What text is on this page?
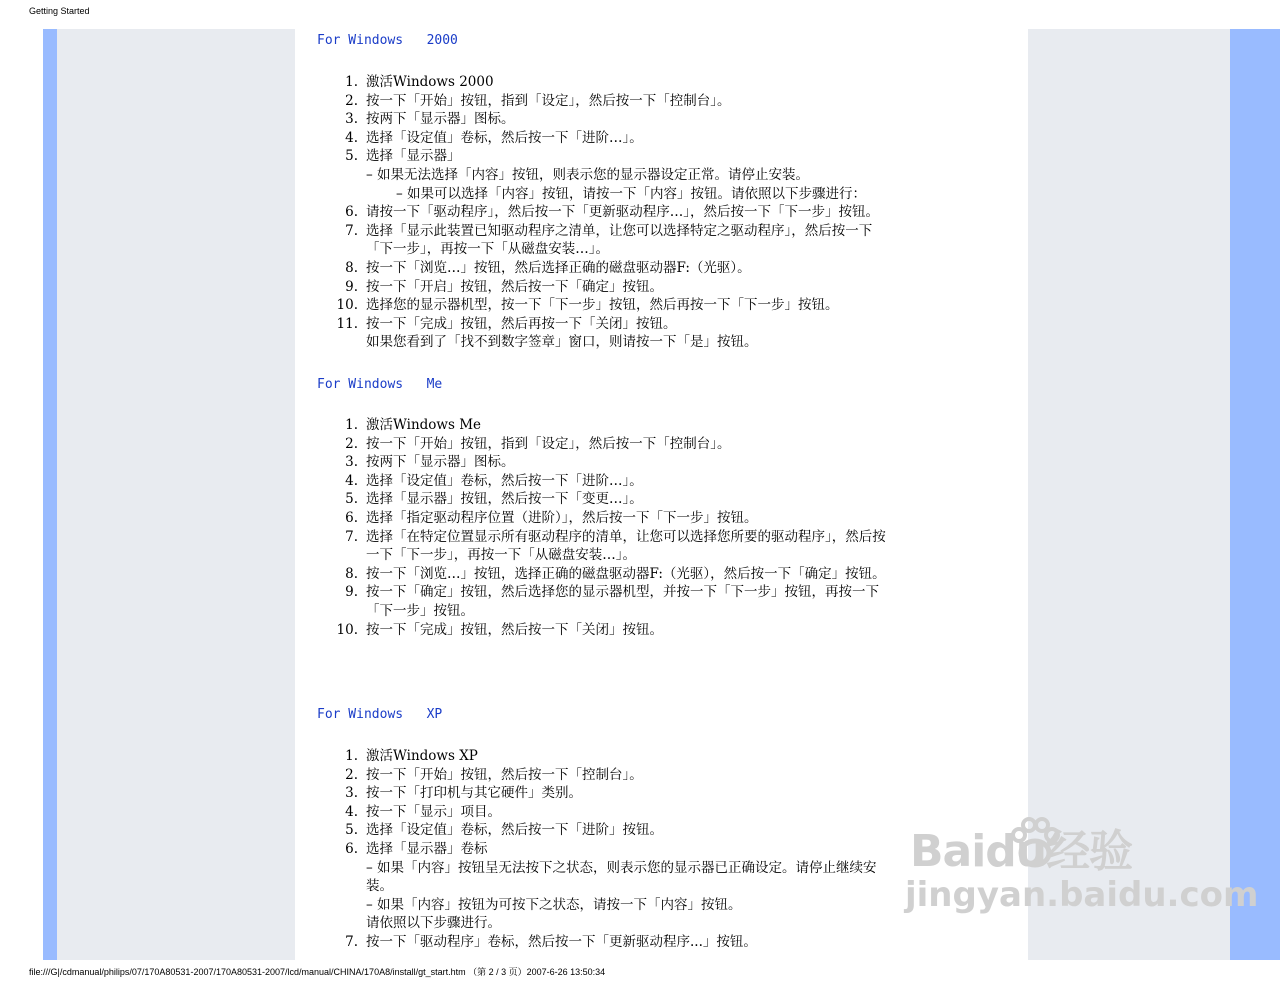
Getting Started
For Windows   2000
1. 激活Windows 2000
2. 按一下「开始」按钮，指到「设定」，然后按一下「控制台」。
3. 按两下「显示器」图标。
4. 选择「设定值」卷标，然后按一下「进阶…」。
5. 选择「显示器」
– 如果无法选择「内容」按钮，则表示您的显示器设定正常。请停止安装。
– 如果可以选择「内容」按钮，请按一下「内容」按钮。请依照以下步骤进行：
6. 请按一下「驱动程序」，然后按一下「更新驱动程序…」，然后按一下「下一步」按钮。
7. 选择「显示此装置已知驱动程序之清单，让您可以选择特定之驱动程序」，然后按一下
「下一步」，再按一下「从磁盘安装…」。
8. 按一下「浏览…」按钮，然后选择正确的磁盘驱动器F:（光驱）。
9. 按一下「开启」按钮，然后按一下「确定」按钮。
10. 选择您的显示器机型，按一下「下一步」按钮，然后再按一下「下一步」按钮。
11. 按一下「完成」按钮，然后再按一下「关闭」按钮。
如果您看到了「找不到数字签章」窗口，则请按一下「是」按钮。
For Windows   Me
1. 激活Windows Me
2. 按一下「开始」按钮，指到「设定」，然后按一下「控制台」。
3. 按两下「显示器」图标。
4. 选择「设定值」卷标，然后按一下「进阶…」。
5. 选择「显示器」按钮，然后按一下「变更…」。
6. 选择「指定驱动程序位置（进阶）」，然后按一下「下一步」按钮。
7. 选择「在特定位置显示所有驱动程序的清单，让您可以选择您所要的驱动程序」，然后按
一下「下一步」，再按一下「从磁盘安装…」。
8. 按一下「浏览…」按钮，选择正确的磁盘驱动器F:（光驱），然后按一下「确定」按钮。
9. 按一下「确定」按钮，然后选择您的显示器机型，并按一下「下一步」按钮，再按一下
「下一步」按钮。
10. 按一下「完成」按钮，然后按一下「关闭」按钮。
For Windows   XP
1. 激活Windows XP
2. 按一下「开始」按钮，然后按一下「控制台」。
3. 按一下「打印机与其它硬件」类别。
4. 按一下「显示」项目。
5. 选择「设定值」卷标，然后按一下「进阶」按钮。
6. 选择「显示器」卷标
– 如果「内容」按钮呈无法按下之状态，则表示您的显示器已正确设定。请停止继续安
装。
– 如果「内容」按钮为可按下之状态，请按一下「内容」按钮。
请依照以下步骤进行。
7. 按一下「驱动程序」卷标，然后按一下「更新驱动程序...」按钮。
file:///G|/cdmanual/philips/07/170A80531-2007/170A80531-2007/lcd/manual/CHINA/170A8/install/gt_start.htm （第 2 / 3 页）2007-6-26 13:50:34
Baidu经验
jingyan.baidu.com
